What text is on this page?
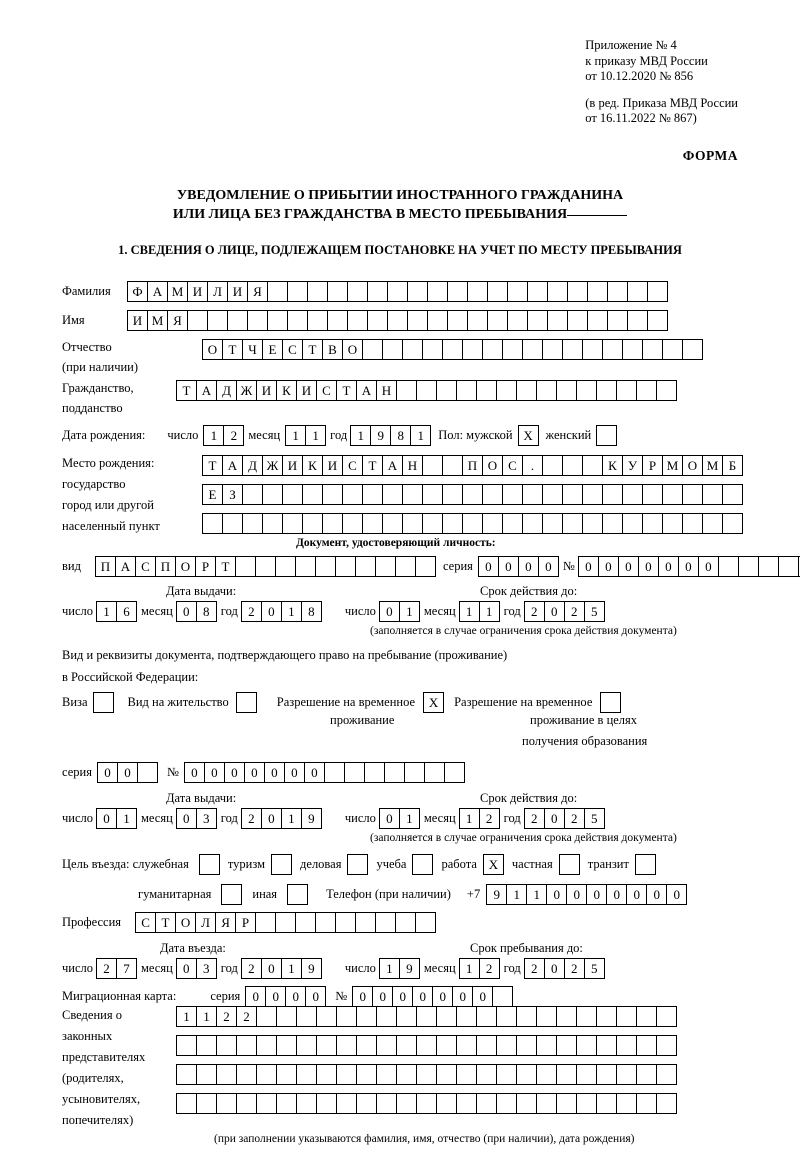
Приложение № 4
к приказу МВД России
от 10.12.2020 № 856
(в ред. Приказа МВД России
от 16.11.2022 № 867)
ФОРМА
УВЕДОМЛЕНИЕ О ПРИБЫТИИ ИНОСТРАННОГО ГРАЖДАНИНА
ИЛИ ЛИЦА БЕЗ ГРАЖДАНСТВА В МЕСТО ПРЕБЫВАНИЯ
1. СВЕДЕНИЯ О ЛИЦЕ, ПОДЛЕЖАЩЕМ ПОСТАНОВКЕ НА УЧЕТ ПО МЕСТУ ПРЕБЫВАНИЯ
Фамилия	Ф А М И Л И Я
Имя	И М Я
Отчество
(при наличии)
О Т Ч Е С Т В О
Гражданство,
подданство
Т А Д Ж И К И С Т А Н
Дата рождения: число 1	2 месяц 1	1 год 1	9	8	1	Пол: мужской X	женский
Место рождения:
государство
город или другой
населенный пункт
Т А Д Ж И К И С Т А Н	П О С	.	К У Р М О М Б
Е З
Документ, удостоверяющий личность:
вид	П А С П О Р Т	серия 0	0	0	0 № 0	0	0	0	0	0	0
Дата выдачи:	Срок действия до:
число 1	6 месяц 0	8 год 2	0	1	8	число 0	1 месяц 1	1 год 2	0	2	5
(заполняется в случае ограничения срока действия документа)
Вид и реквизиты документа, подтверждающего право на пребывание (проживание)
в Российской Федерации:
Виза	Вид на жительство	Разрешение на временное	X	Разрешение на временное
проживание	проживание в целях
получения образования
серия 0	0	№ 0	0	0	0	0	0	0
Дата выдачи:	Срок действия до:
число 0	1 месяц 0	3 год 2	0	1	9	число 0	1 месяц 1	2 год 2	0	2	5
(заполняется в случае ограничения срока действия документа)
Цель въезда: служебная	туризм	деловая	учеба	работа X	частная	транзит
гуманитарная	иная	Телефон (при наличии) +7	9	1	1	0	0	0	0	0	0	0
Профессия	С Т О Л Я Р
Дата въезда:	Срок пребывания до:
число 2	7 месяц 0	3 год 2	0	1	9	число 1	9 месяц 1	2 год 2	0	2	5
Миграционная карта:	серия 0	0	0	0	№ 0	0	0	0	0	0	0
Сведения о
законных
представителях
(родителях,
усыновителях,
попечителях)
1	1	2	2
(при заполнении указываются фамилия, имя, отчество (при наличии), дата рождения)
